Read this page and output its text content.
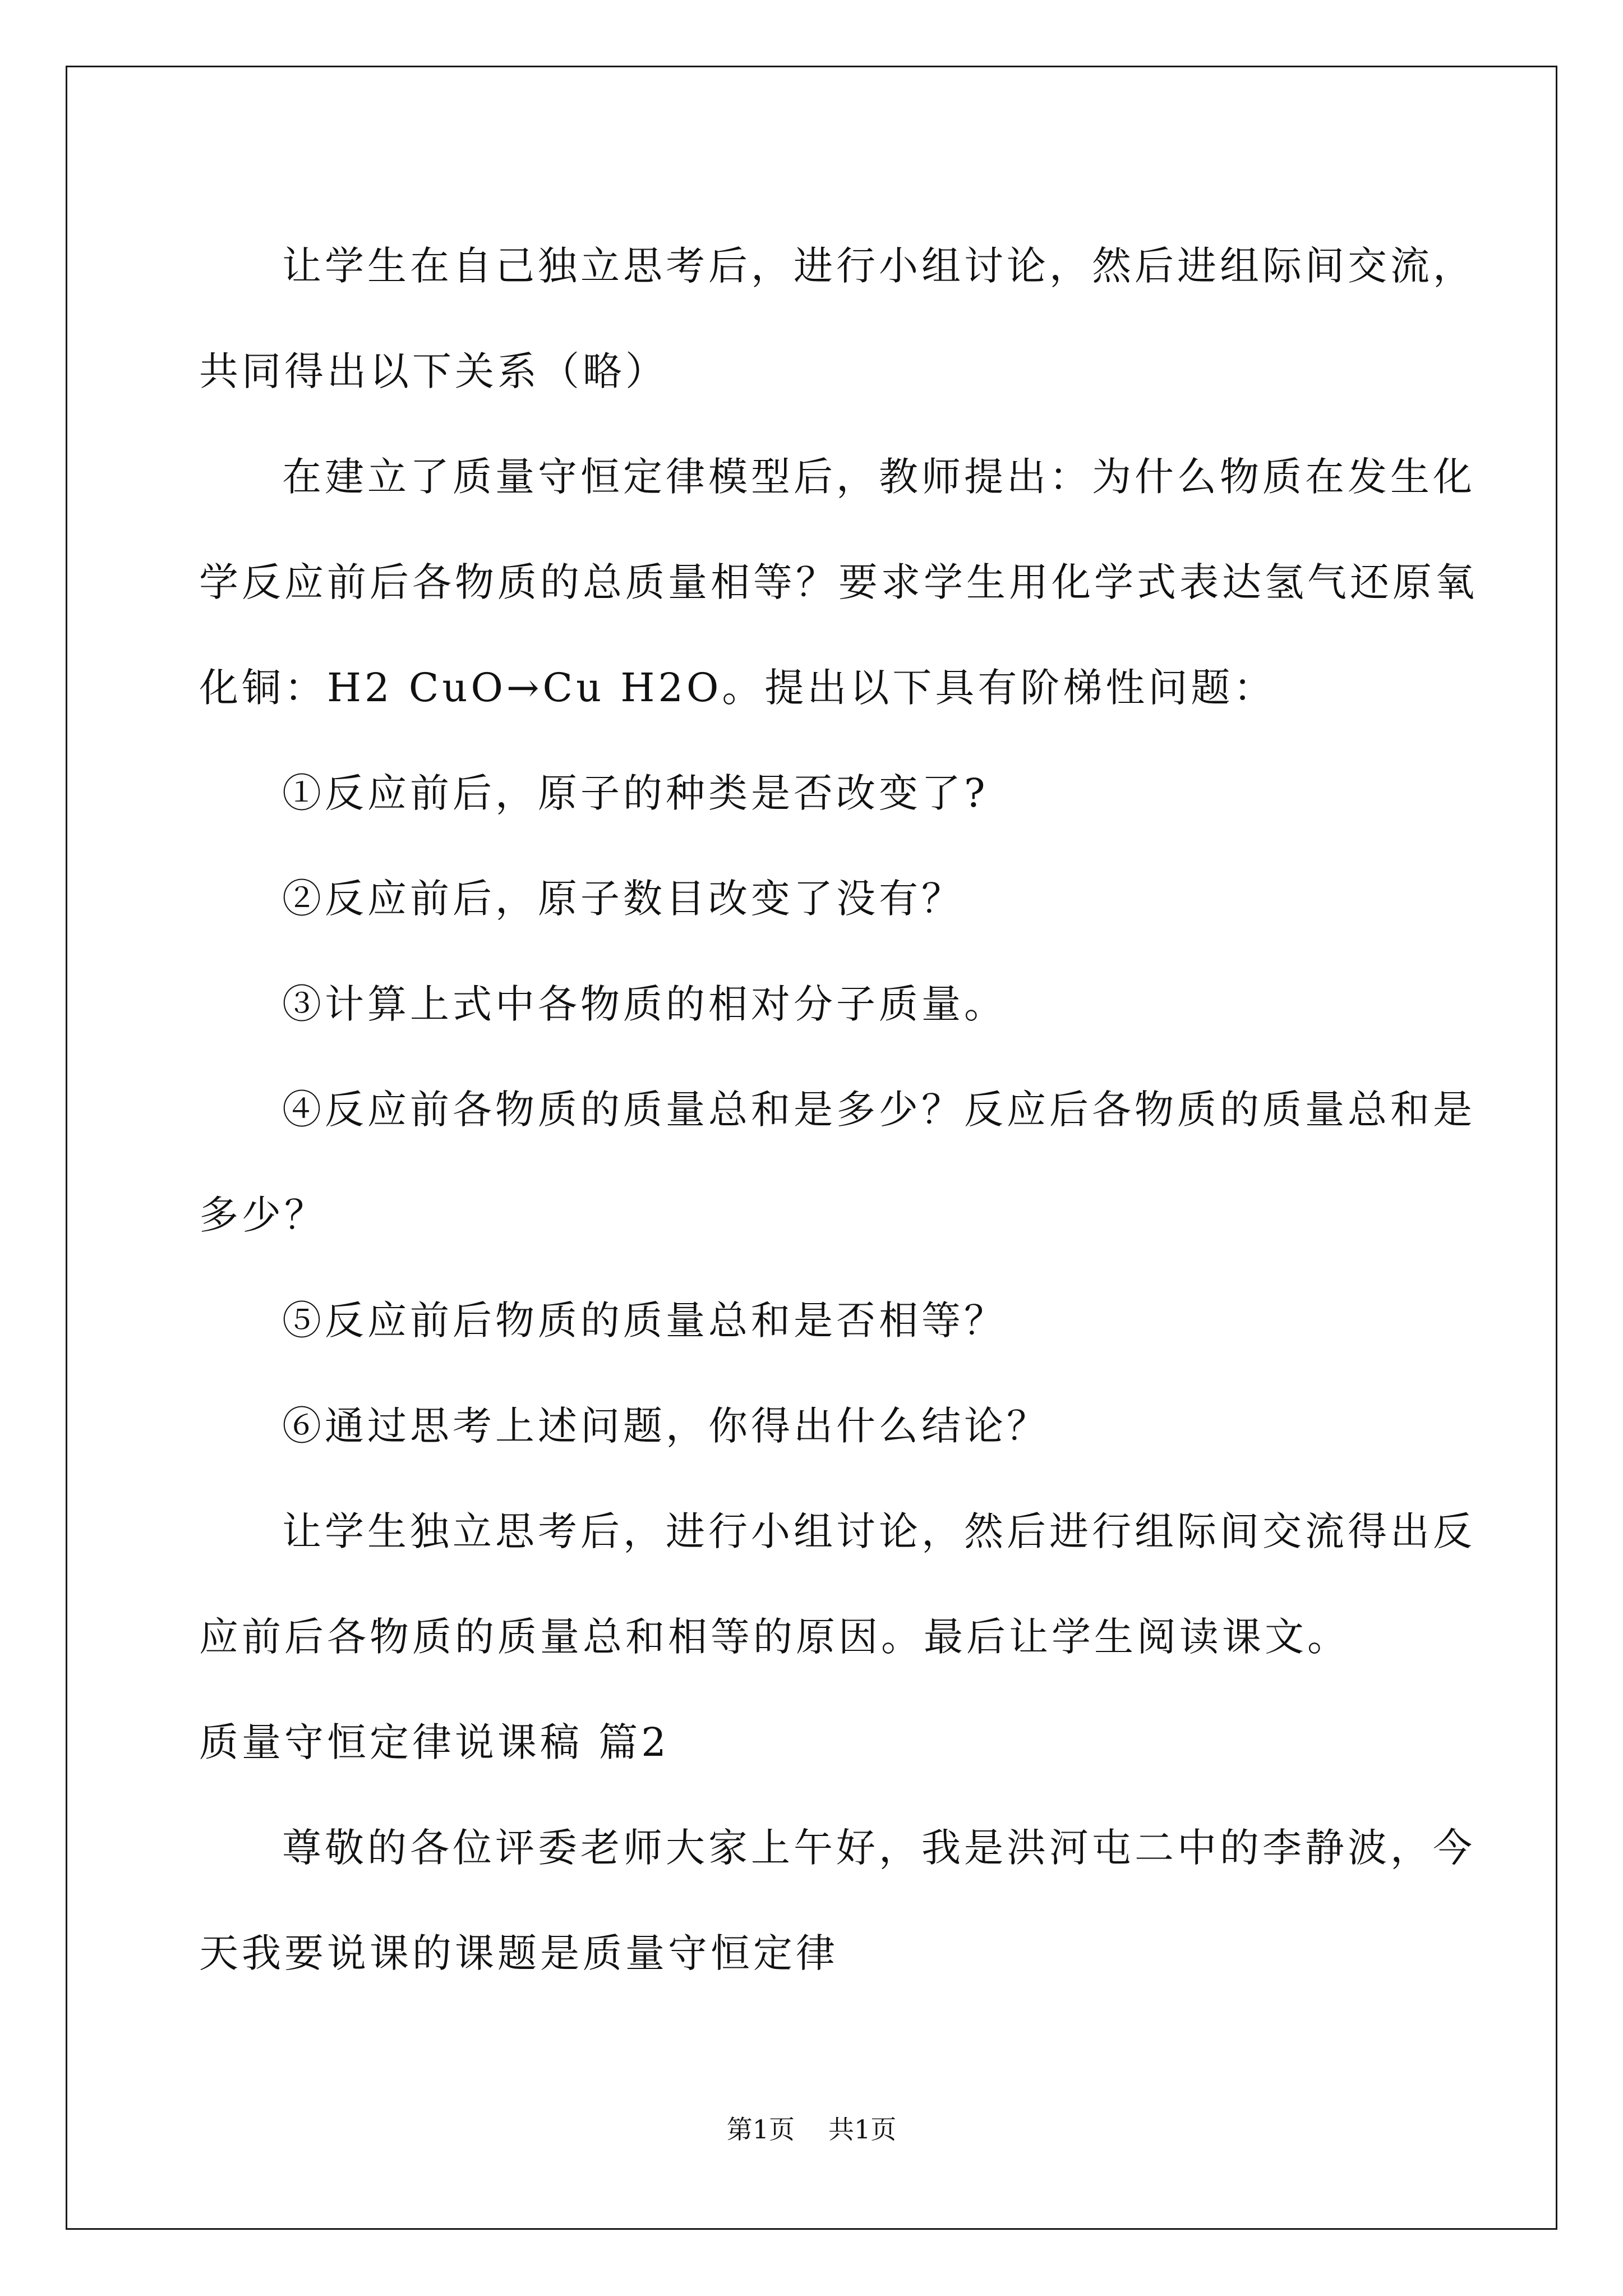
让学生在自己独立思考后，进行小组讨论，然后进组际间交流，

共同得出以下关系（略）

在建立了质量守恒定律模型后，教师提出：为什么物质在发生化

学反应前后各物质的总质量相等？要求学生用化学式表达氢气还原氧

化铜：H2 CuO→Cu H2O。提出以下具有阶梯性问题：

①反应前后，原子的种类是否改变了?

②反应前后，原子数目改变了没有？

③计算上式中各物质的相对分子质量。

④反应前各物质的质量总和是多少？反应后各物质的质量总和是

多少？

⑤反应前后物质的质量总和是否相等？

⑥通过思考上述问题，你得出什么结论？

让学生独立思考后，进行小组讨论，然后进行组际间交流得出反

应前后各物质的质量总和相等的原因。最后让学生阅读课文。

质量守恒定律说课稿 篇2

尊敬的各位评委老师大家上午好，我是洪河屯二中的李静波，今

天我要说课的课题是质量守恒定律

第1页 共1页
